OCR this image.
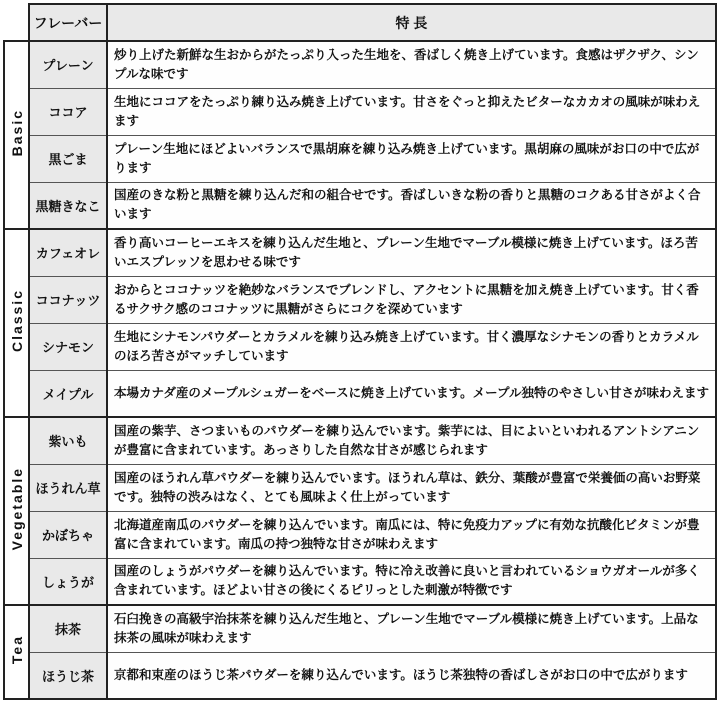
	フレーバー	特 長
Basic	プレーン	炒り上げた新鮮な生おからがたっぷり入った生地を、香ばしく焼き上げています。食感はザクザク、シンプルな味です
	ココア	生地にココアをたっぷり練り込み焼き上げています。甘さをぐっと抑えたビターなカカオの風味が味わえます
	黒ごま	プレーン生地にほどよいバランスで黒胡麻を練り込み焼き上げています。黒胡麻の風味がお口の中で広がります
	黒糖きなこ	国産のきな粉と黒糖を練り込んだ和の組合せです。香ばしいきな粉の香りと黒糖のコクある甘さがよく合います
Classic	カフェオレ	香り高いコーヒーエキスを練り込んだ生地と、プレーン生地でマーブル模様に焼き上げています。ほろ苦いエスプレッソを思わせる味です
	ココナッツ	おからとココナッツを絶妙なバランスでブレンドし、アクセントに黒糖を加え焼き上げています。甘く香るサクサク感のココナッツに黒糖がさらにコクを深めています
	シナモン	生地にシナモンパウダーとカラメルを練り込み焼き上げています。甘く濃厚なシナモンの香りとカラメルのほろ苦さがマッチしています
	メイプル	本場カナダ産のメープルシュガーをベースに焼き上げています。メープル独特のやさしい甘さが味わえます
Vegetable	紫いも	国産の紫芋、さつまいものパウダーを練り込んでいます。紫芋には、目によいといわれるアントシアニンが豊富に含まれています。あっさりした自然な甘さが感じられます
	ほうれん草	国産のほうれん草パウダーを練り込んでいます。ほうれん草は、鉄分、葉酸が豊富で栄養価の高いお野菜です。独特の渋みはなく、とても風味よく仕上がっています
	かぼちゃ	北海道産南瓜のパウダーを練り込んでいます。南瓜には、特に免疫力アップに有効な抗酸化ビタミンが豊富に含まれています。南瓜の持つ独特な甘さが味わえます
	しょうが	国産のしょうがパウダーを練り込んでいます。特に冷え改善に良いと言われているショウガオールが多く含まれています。ほどよい甘さの後にくるピリっとした刺激が特徴です
Tea	抹茶	石臼挽きの高級宇治抹茶を練り込んだ生地と、プレーン生地でマーブル模様に焼き上げています。上品な抹茶の風味が味わえます
	ほうじ茶	京都和束産のほうじ茶パウダーを練り込んでいます。ほうじ茶独特の香ばしさがお口の中で広がります
